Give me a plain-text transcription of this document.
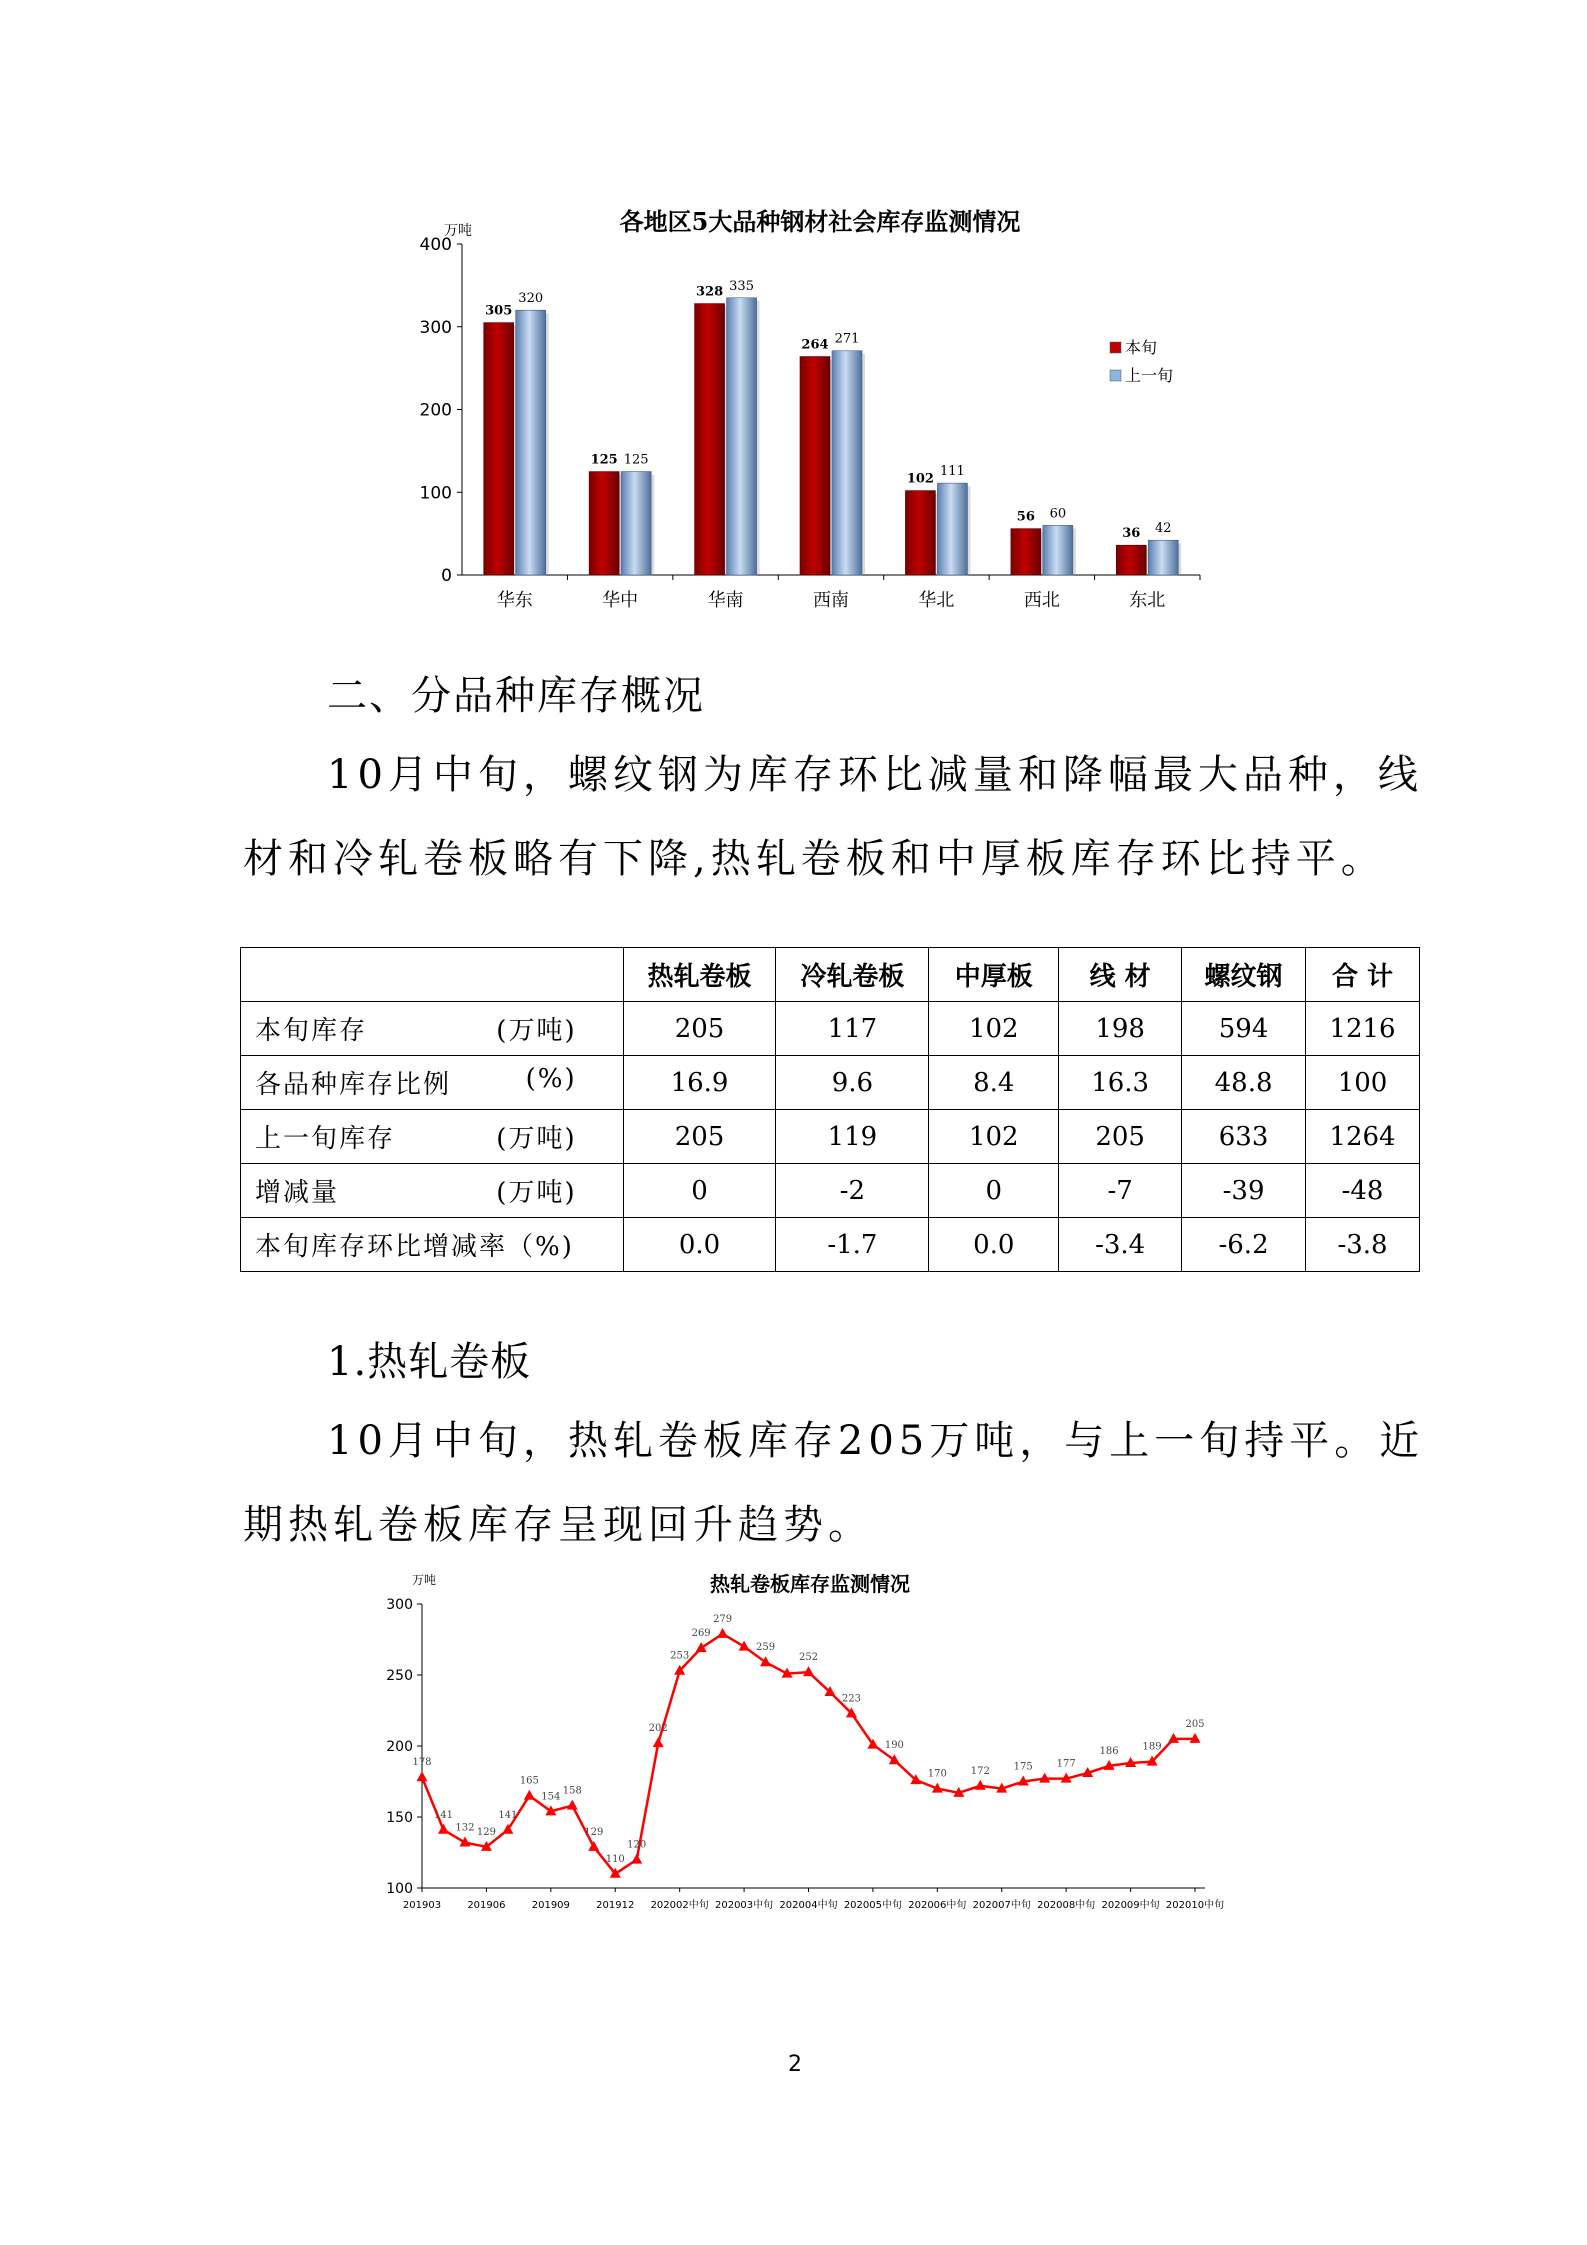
各地区5大品种钢材社会库存监测情况
万吨
0
100
200
300
400
华东
305
320
华中
125 125
华南
328 335
西南
264 271
华北
102 111
西北
56 60
东北
36 42
本旬
上一旬
二、分品种库存概况
10月中旬，螺纹钢为库存环比减量和降幅最大品种，线
材和冷轧卷板略有下降,热轧卷板和中厚板库存环比持平。
	热轧卷板	冷轧卷板	中厚板	线 材	螺纹钢	合 计
本旬库存 (万吨)	205	117	102	198	594	1216
各品种库存比例 (%)	16.9	9.6	8.4	16.3	48.8	100
上一旬库存 (万吨)	205	119	102	205	633	1264
增减量 (万吨)	0	-2	0	-7	-39	-48
本旬库存环比增减率（%)	0.0	-1.7	0.0	-3.4	-6.2	-3.8
1.热轧卷板
10月中旬，热轧卷板库存205万吨，与上一旬持平。近
期热轧卷板库存呈现回升趋势。
热轧卷板库存监测情况
万吨
100
150
200
250
300
201903	201906	201909	201912 202002中旬 202003中旬 202004中旬 202005中旬 202006中旬 202007中旬 202008中旬 202009中旬 202010中旬
178
141
132 129
141
165
154
158
129
110
120
202
253
269
279
259
252
223
190
170 172 175 177
186 189
205
2
